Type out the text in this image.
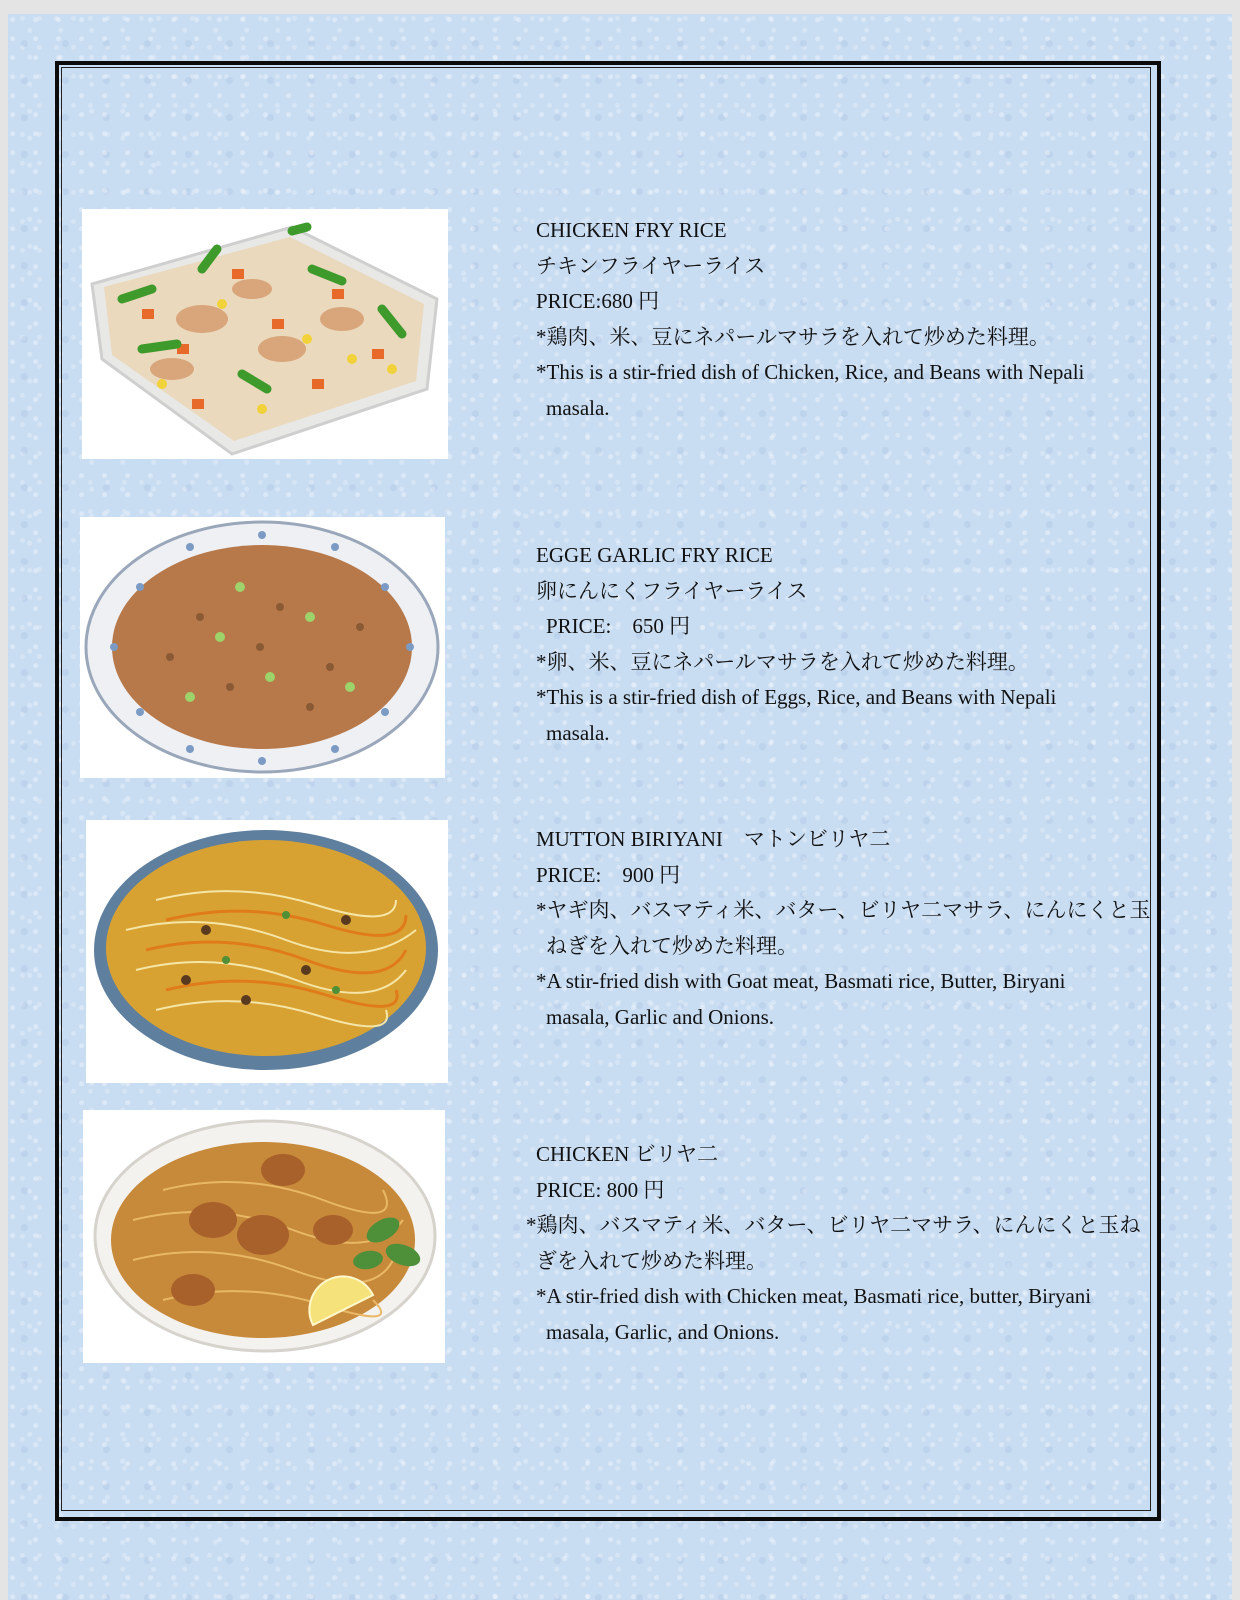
CHICKEN FRY RICE
チキンフライヤーライス
PRICE:680 円
*鶏肉、米、豆にネパールマサラを入れて炒めた料理。
*This is a stir-fried dish of Chicken, Rice, and Beans with Nepali
masala.
EGGE GARLIC FRY RICE
卵にんにくフライヤーライス
PRICE:　650 円
*卵、米、豆にネパールマサラを入れて炒めた料理。
*This is a stir-fried dish of Eggs, Rice, and Beans with Nepali
masala.
MUTTON BIRIYANI　マトンビリヤ二
PRICE:　900 円
*ヤギ肉、バスマティ米、バター、ビリヤ二マサラ、にんにくと玉
ねぎを入れて炒めた料理。
*A stir-fried dish with Goat meat, Basmati rice, Butter, Biryani
masala, Garlic and Onions.
CHICKEN ビリヤ二
PRICE: 800 円
*鶏肉、バスマティ米、バター、ビリヤ二マサラ、にんにくと玉ね
ぎを入れて炒めた料理。
*A stir-fried dish with Chicken meat, Basmati rice, butter, Biryani
masala, Garlic, and Onions.
